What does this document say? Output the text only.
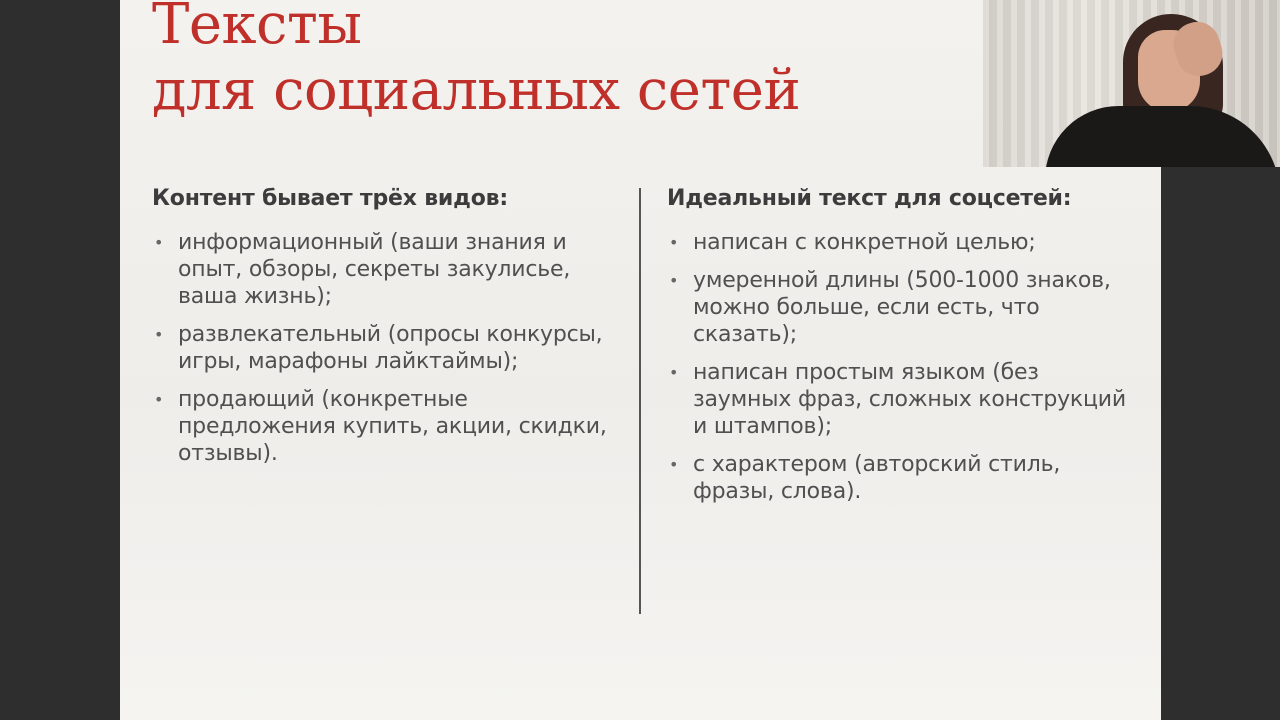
Тексты
для социальных сетей
Контент бывает трёх видов:
• информационный (ваши знания и опыт, обзоры, секреты закулисье, ваша жизнь);
• развлекательный (опросы конкурсы, игры, марафоны лайктаймы);
• продающий (конкретные предложения купить, акции, скидки, отзывы).
Идеальный текст для соцсетей:
• написан с конкретной целью;
• умеренной длины (500-1000 знаков, можно больше, если есть, что сказать);
• написан простым языком (без заумных фраз, сложных конструкций и штампов);
• с характером (авторский стиль, фразы, слова).
